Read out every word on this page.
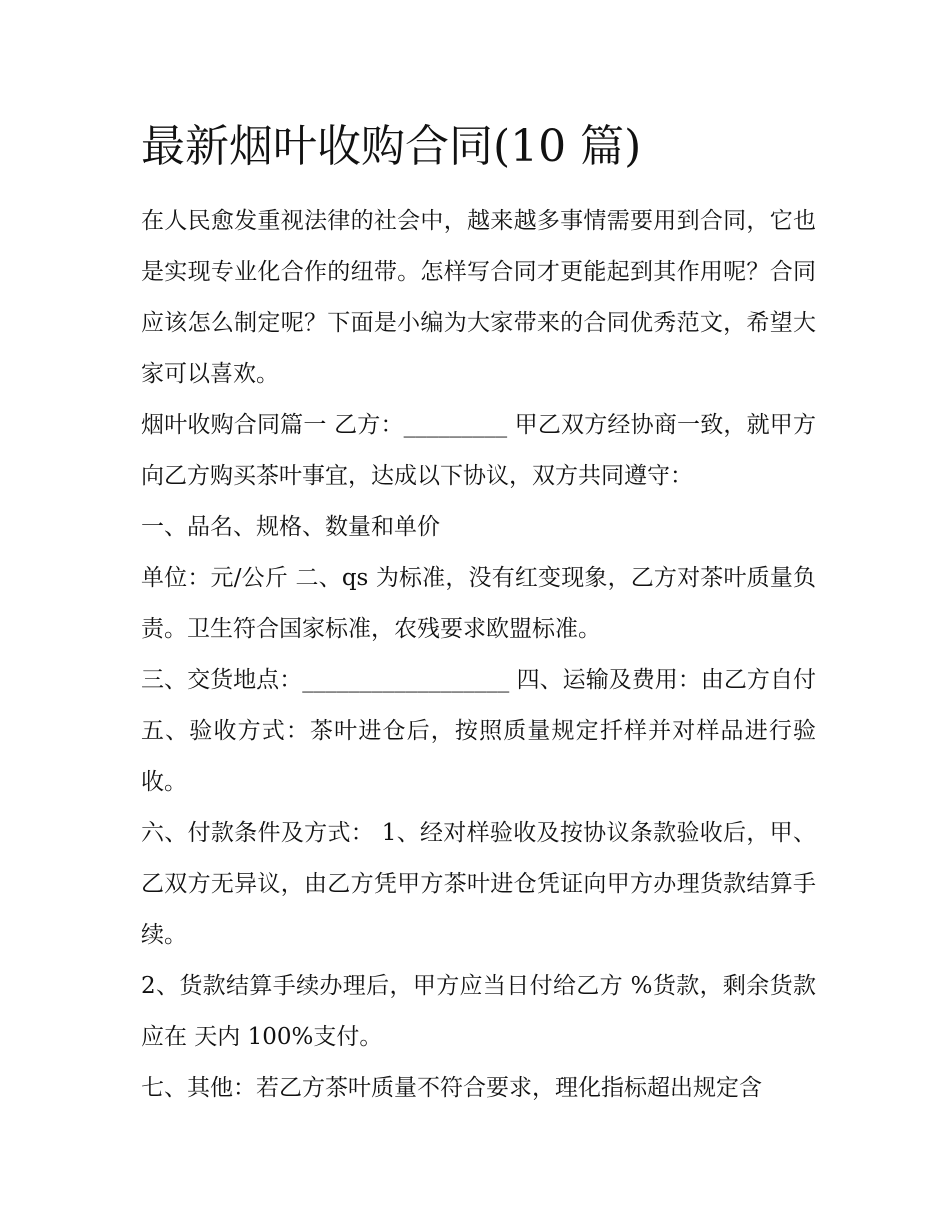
最新烟叶收购合同(10 篇)

在人民愈发重视法律的社会中，越来越多事情需要用到合同，它也是实现专业化合作的纽带。怎样写合同才更能起到其作用呢？合同应该怎么制定呢？下面是小编为大家带来的合同优秀范文，希望大家可以喜欢。

烟叶收购合同篇一 乙方：_________ 甲乙双方经协商一致，就甲方向乙方购买茶叶事宜，达成以下协议，双方共同遵守：

一、品名、规格、数量和单价

单位：元/公斤 二、qs 为标准，没有红变现象，乙方对茶叶质量负责。卫生符合国家标准，农残要求欧盟标准。

三、交货地点：__________________ 四、运输及费用：由乙方自付 五、验收方式：茶叶进仓后，按照质量规定扦样并对样品进行验收。

六、付款条件及方式： 1、经对样验收及按协议条款验收后，甲、乙双方无异议，由乙方凭甲方茶叶进仓凭证向甲方办理货款结算手续。

2、货款结算手续办理后，甲方应当日付给乙方 %货款，剩余货款应在 天内 100%支付。

七、其他：若乙方茶叶质量不符合要求，理化指标超出规定含
